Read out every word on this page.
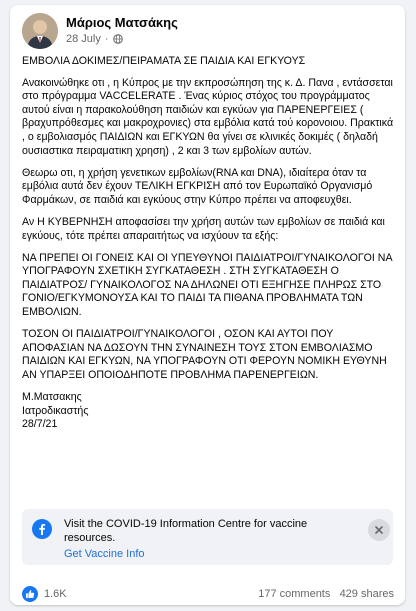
Μάριος Ματσάκης
28 July ·

ΕΜΒΟΛΙΑ ΔΟΚΙΜΕΣ/ΠΕΙΡΑΜΑΤΑ ΣΕ ΠΑΙΔΙΑ ΚΑΙ ΕΓΚΥΟΥΣ

Ανακοινώθηκε οτι , η Κύπρος με την εκπροσώπηση της κ. Δ. Πανα , εντάσσεται στο πρόγραμμα VACCELERATE . Ένας κύριος στόχος του προγράμματος αυτού είναι η παρακολούθηση παιδιών και εγκύων για ΠΑΡΕΝΕΡΓΕΙΕΣ ( βραχυπρόθεσμες και μακροχρονιες) στα εμβόλια κατά τού κορονοιου. Πρακτικά , ο εμβολιασμός ΠΑΙΔΙΩΝ και ΕΓΚΥΩΝ θα γίνει σε κλινικές δοκιμές ( δηλαδή ουσιαστικα πειραματικη χρηση) , 2 και 3 των εμβολίων αυτών.

Θεωρω οτι, η χρήση γενετικων εμβολίων(RNA και DNA), ιδιαίτερα όταν τα εμβόλια αυτά δεν έχουν ΤΕΛΙΚΗ ΕΓΚΡΙΣΗ από τον Ευρωπαϊκό Οργανισμό Φαρμάκων, σε παιδιά και εγκύους στην Κύπρο πρέπει να αποφευχθει.

Αν Η ΚΥΒΕΡΝΗΣΗ αποφασίσει την χρήση αυτών των εμβολίων σε παιδιά και εγκύους, τότε πρέπει απαραιτήτως να ισχύουν τα εξής:

ΝΑ ΠΡΕΠΕΙ ΟΙ ΓΟΝΕΙΣ ΚΑΙ ΟΙ ΥΠΕΥΘΥΝΟΙ ΠΑΙΔΙΑΤΡΟΙ/ΓΥΝΑΙΚΟΛΟΓΟΙ ΝΑ ΥΠΟΓΡΑΦΟΥΝ ΣΧΕΤΙΚΗ ΣΥΓΚΑΤΑΘΕΣΗ . ΣΤΗ ΣΥΓΚΑΤΑΘΕΣΗ Ο ΠΑΙΔΙΑΤΡΟΣ/ ΓΥΝΑΙΚΟΛΟΓΟΣ ΝΑ ΔΗΛΩΝΕΙ ΟΤΙ ΕΞΗΓΗΣΕ ΠΛΗΡΩΣ ΣΤΟ ΓΟΝΙΟ/ΕΓΚΥΜΟΝΟΥΣΑ ΚΑΙ ΤΟ ΠΑΙΔΙ ΤΑ ΠΙΘΑΝΑ ΠΡΟΒΛΗΜΑΤΑ ΤΩΝ ΕΜΒΟΛΙΩΝ.

ΤΟΣΟΝ ΟΙ ΠΑΙΔΙΑΤΡΟΙ/ΓΥΝΑΙΚΟΛΟΓΟΙ , ΟΣΟΝ ΚΑΙ ΑΥΤΟΙ ΠΟΥ ΑΠΟΦΑΣΙΑΝ ΝΑ ΔΩΣΟΥΝ ΤΗΝ ΣΥΝΑΙΝΕΣΗ ΤΟΥΣ ΣΤΟΝ ΕΜΒΟΛΙΑΣΜΟ ΠΑΙΔΙΩΝ ΚΑΙ ΕΓΚΥΩΝ, ΝΑ ΥΠΟΓΡΑΦΟΥΝ ΟΤΙ ΦΕΡΟΥΝ ΝΟΜΙΚΗ ΕΥΘΥΝΗ ΑΝ ΥΠΑΡΞΕΙ ΟΠΟΙΟΔΗΠΟΤΕ ΠΡΟΒΛΗΜΑ ΠΑΡΕΝΕΡΓΕΙΩΝ.

Μ.Ματσακης
Ιατροδικαστής
28/7/21
Visit the COVID-19 Information Centre for vaccine resources.
Get Vaccine Info
1.6K	177 comments 429 shares
